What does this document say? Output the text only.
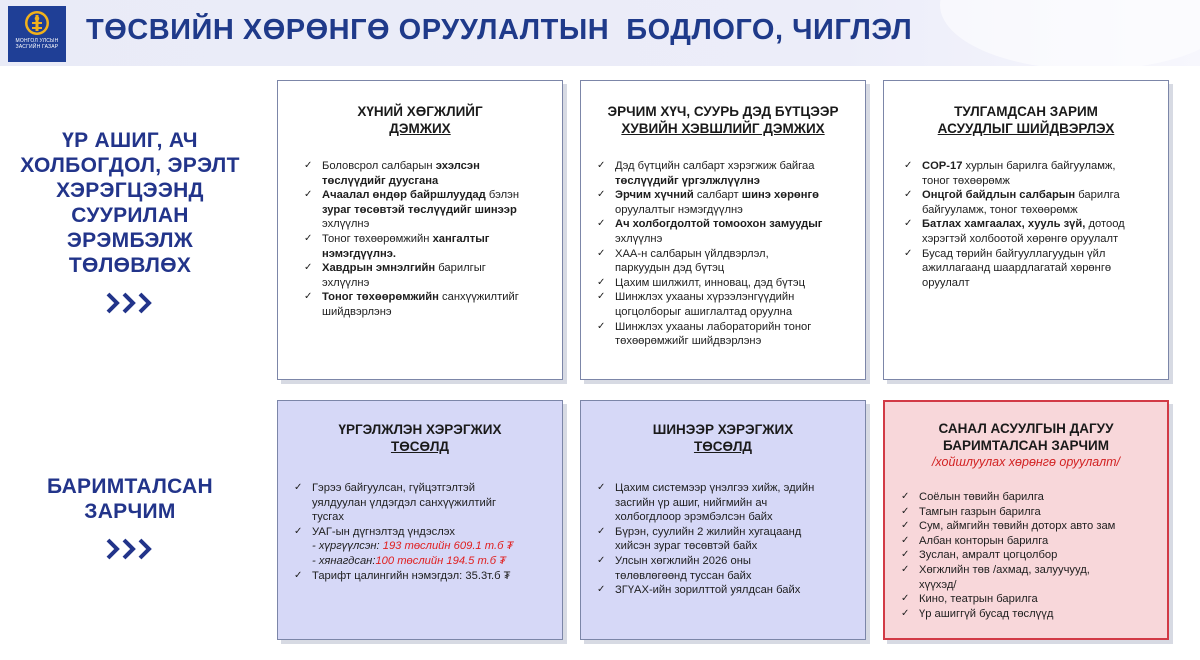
МОНГОЛ УЛСЫН
ЗАСГИЙН ГАЗАР
ТӨСВИЙН ХӨРӨНГӨ ОРУУЛАЛТЫН  БОДЛОГО, ЧИГЛЭЛ
ҮР АШИГ, АЧ
ХОЛБОГДОЛ, ЭРЭЛТ
ХЭРЭГЦЭЭНД
СУУРИЛАН
ЭРЭМБЭЛЖ
ТӨЛӨВЛӨХ
БАРИМТАЛСАН
ЗАРЧИМ
ХҮНИЙ ХӨГЖЛИЙГ
ДЭМЖИХ
✓ Боловсрол салбарын эхэлсэн
төслүүдийг дуусгана
✓ Ачаалал өндөр байршлуудад бэлэн
зураг төсөвтэй төслүүдийг шинээр
эхлүүлнэ
✓ Тоног төхөөрөмжийн хангалтыг
нэмэгдүүлнэ.
✓ Хавдрын эмнэлгийн барилгыг
эхлүүлнэ
✓ Тоног төхөөрөмжийн санхүүжилтийг
шийдвэрлэнэ
ЭРЧИМ ХҮЧ, СУУРЬ ДЭД БҮТЦЭЭР
ХУВИЙН ХЭВШЛИЙГ ДЭМЖИХ
✓ Дэд бүтцийн салбарт хэрэгжиж байгаа
төслүүдийг үргэлжлүүлнэ
✓ Эрчим хүчний салбарт шинэ хөрөнгө
оруулалтыг нэмэгдүүлнэ
✓ Ач холбогдолтой томоохон замуудыг
эхлүүлнэ
✓ ХАА-н салбарын үйлдвэрлэл,
паркуудын дэд бүтэц
✓ Цахим шилжилт, инновац, дэд бүтэц
✓ Шинжлэх ухааны хүрээлэнгүүдийн
цогцолборыг ашиглалтад оруулна
✓ Шинжлэх ухааны лабораторийн тоног
төхөөрөмжийг шийдвэрлэнэ
ТУЛГАМДСАН ЗАРИМ
АСУУДЛЫГ ШИЙДВЭРЛЭХ
✓ COP-17 хурлын барилга байгууламж,
тоног төхөөрөмж
✓ Онцгой байдлын салбарын барилга
байгууламж, тоног төхөөрөмж
✓ Батлах хамгаалах, хууль зүй, дотоод
хэрэгтэй холбоотой хөрөнгө оруулалт
✓ Бусад төрийн байгууллагуудын үйл
ажиллагаанд шаардлагатай хөрөнгө
оруулалт
ҮРГЭЛЖЛЭН ХЭРЭГЖИХ
ТӨСӨЛД
✓ Гэрээ байгуулсан, гүйцэтгэлтэй
уялдуулан үлдэгдэл санхүүжилтийг
тусгах
✓ УАГ-ын дүгнэлтэд үндэслэх
- хүргүүлсэн: 193 төслийн 609.1 т.б ₮
- хянагдсан:100 төслийн 194.5 т.б ₮
✓ Тарифт цалингийн нэмэгдэл: 35.3т.б ₮
ШИНЭЭР ХЭРЭГЖИХ
ТӨСӨЛД
✓ Цахим системээр үнэлгээ хийж, эдийн
засгийн үр ашиг, нийгмийн ач
холбогдлоор эрэмбэлсэн байх
✓ Бүрэн, суулийн 2 жилийн хугацаанд
хийсэн зураг төсөвтэй байх
✓ Улсын хөгжлийн 2026 оны
төлөвлөгөөнд туссан байх
✓ ЗГҮАХ-ийн зорилттой уялдсан байх
САНАЛ АСУУЛГЫН ДАГУУ
БАРИМТАЛСАН ЗАРЧИМ
/хойшлуулах хөрөнгө оруулалт/
✓ Соёлын төвийн барилга
✓ Тамгын газрын барилга
✓ Сум, аймгийн төвийн доторх авто зам
✓ Албан конторын барилга
✓ Зуслан, амралт цогцолбор
✓ Хөгжлийн төв /ахмад, залуучууд,
хүүхэд/
✓ Кино, театрын барилга
✓ Үр ашиггүй бусад төслүүд
